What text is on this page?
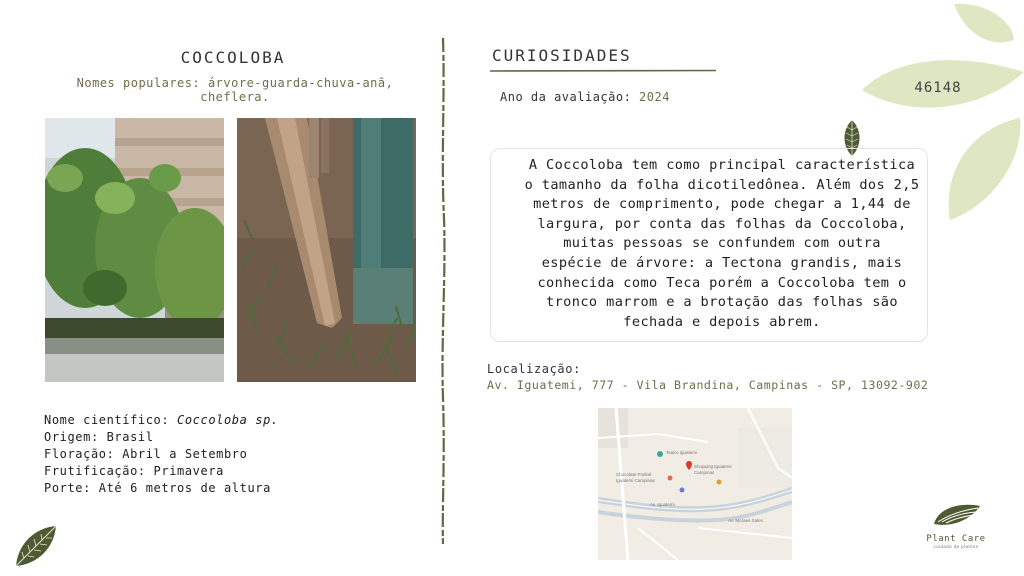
COCCOLOBA
Nomes populares: árvore-guarda-chuva-anã, cheflera.
Nome científico: Coccoloba sp.
Origem: Brasil
Floração: Abril a Setembro
Frutificação: Primavera
Porte: Até 6 metros de altura
CURIOSIDADES
Ano da avaliação: 2024
A Coccoloba tem como principal característica
o tamanho da folha dicotiledônea. Além dos 2,5
metros de comprimento, pode chegar a 1,44 de
largura, por conta das folhas da Coccoloba,
muitas pessoas se confundem com outra
espécie de árvore: a Tectona grandis, mais
conhecida como Teca porém a Coccoloba tem o
tronco marrom e a brotação das folhas são
fechada e depois abrem.
Localização:
Av. Iguatemi, 777 - Vila Brandina, Campinas - SP, 13092-902
Teatro Iguatemi
Shopping Iguatemi
Campinas
Chocolate Pralinê
Iguatemi Campinas
Av. Iguatemi
Av. Moraes Sales
46148
Plant Care
cuidado de plantas
